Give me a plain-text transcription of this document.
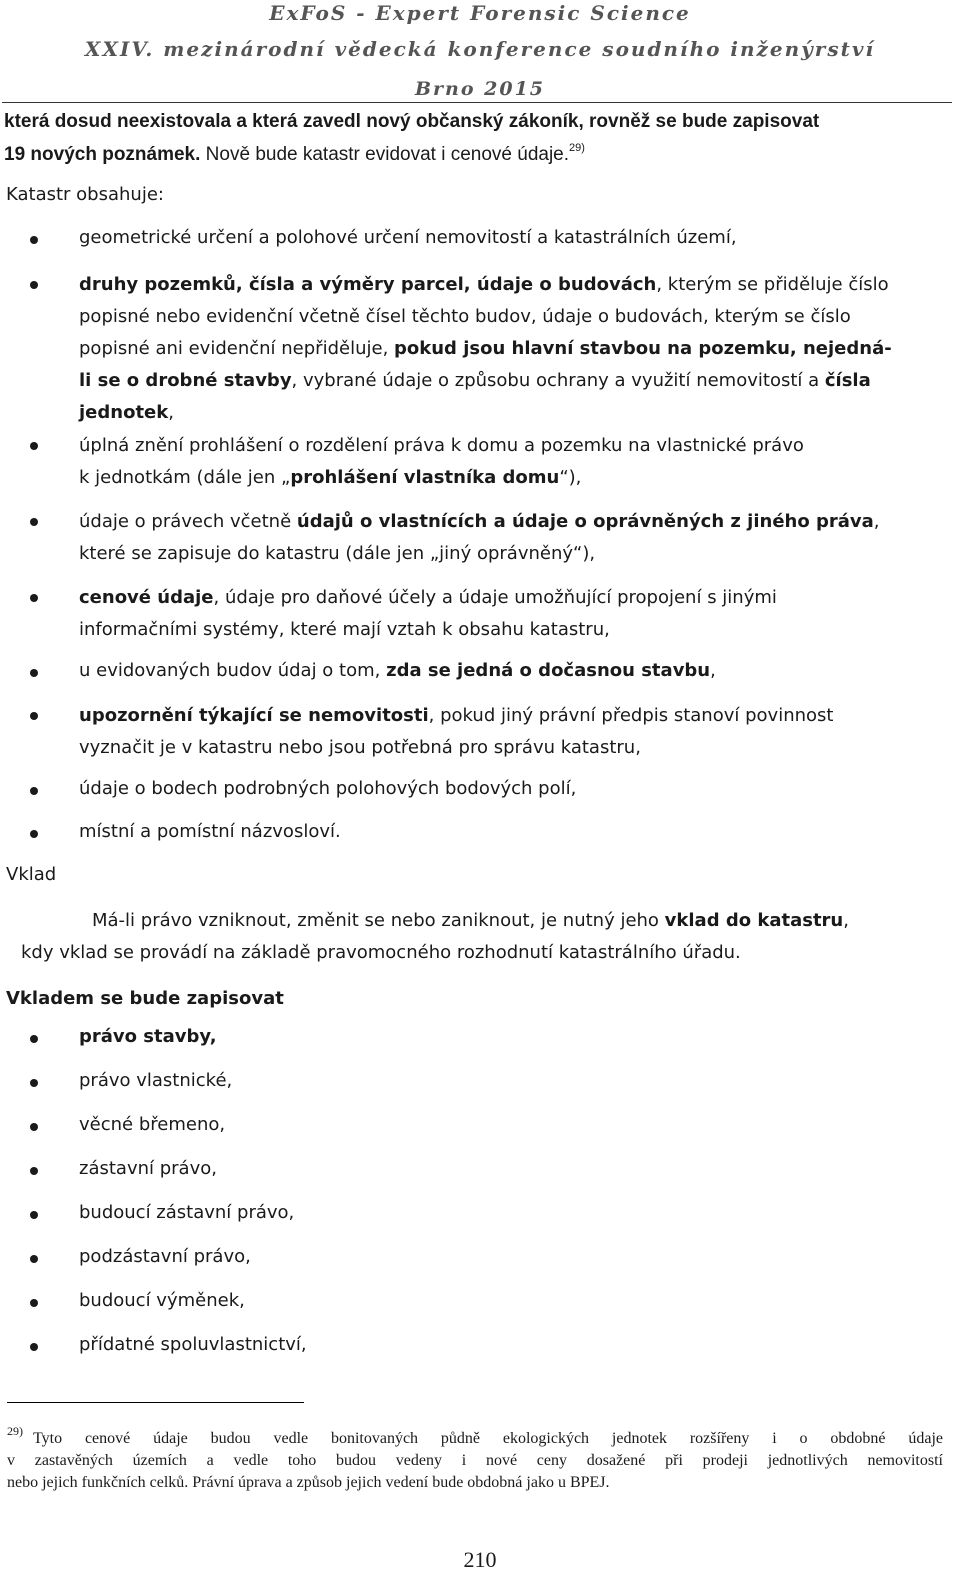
ExFoS - Expert Forensic Science
XXIV. mezinárodní vědecká konference soudního inženýrství
Brno 2015
která dosud neexistovala a která zavedl nový občanský zákoník, rovněž se bude zapisovat
19 nových poznámek. Nově bude katastr evidovat i cenové údaje.$^{29)}$
Katastr obsahuje:
geometrické určení a polohové určení nemovitostí a katastrálních území,
druhy pozemků, čísla a výměry parcel, údaje o budovách, kterým se přiděluje číslo
popisné nebo evidenční včetně čísel těchto budov, údaje o budovách, kterým se číslo
popisné ani evidenční nepřiděluje, pokud jsou hlavní stavbou na pozemku, nejedná-
li se o drobné stavby, vybrané údaje o způsobu ochrany a využití nemovitostí a čísla
jednotek,
úplná znění prohlášení o rozdělení práva k domu a pozemku na vlastnické právo
k jednotkám (dále jen „prohlášení vlastníka domu“),
údaje o právech včetně údajů o vlastnících a údaje o oprávněných z jiného práva,
které se zapisuje do katastru (dále jen „jiný oprávněný“),
cenové údaje, údaje pro daňové účely a údaje umožňující propojení s jinými
informačními systémy, které mají vztah k obsahu katastru,
u evidovaných budov údaj o tom, zda se jedná o dočasnou stavbu,
upozornění týkající se nemovitosti, pokud jiný právní předpis stanoví povinnost
vyznačit je v katastru nebo jsou potřebná pro správu katastru,
údaje o bodech podrobných polohových bodových polí,
místní a pomístní názvosloví.
Vklad
Má-li právo vzniknout, změnit se nebo zaniknout, je nutný jeho vklad do katastru,
kdy vklad se provádí na základě pravomocného rozhodnutí katastrálního úřadu.
Vkladem se bude zapisovat
právo stavby,
právo vlastnické,
věcné břemeno,
zástavní právo,
budoucí zástavní právo,
podzástavní právo,
budoucí výměnek,
přídatné spoluvlastnictví,
29) Tyto cenové údaje budou vedle bonitovaných půdně ekologických jednotek rozšířeny i o obdobné údaje
v zastavěných územích a vedle toho budou vedeny i nové ceny dosažené při prodeji jednotlivých nemovitostí
nebo jejich funkčních celků. Právní úprava a způsob jejich vedení bude obdobná jako u BPEJ.
210
